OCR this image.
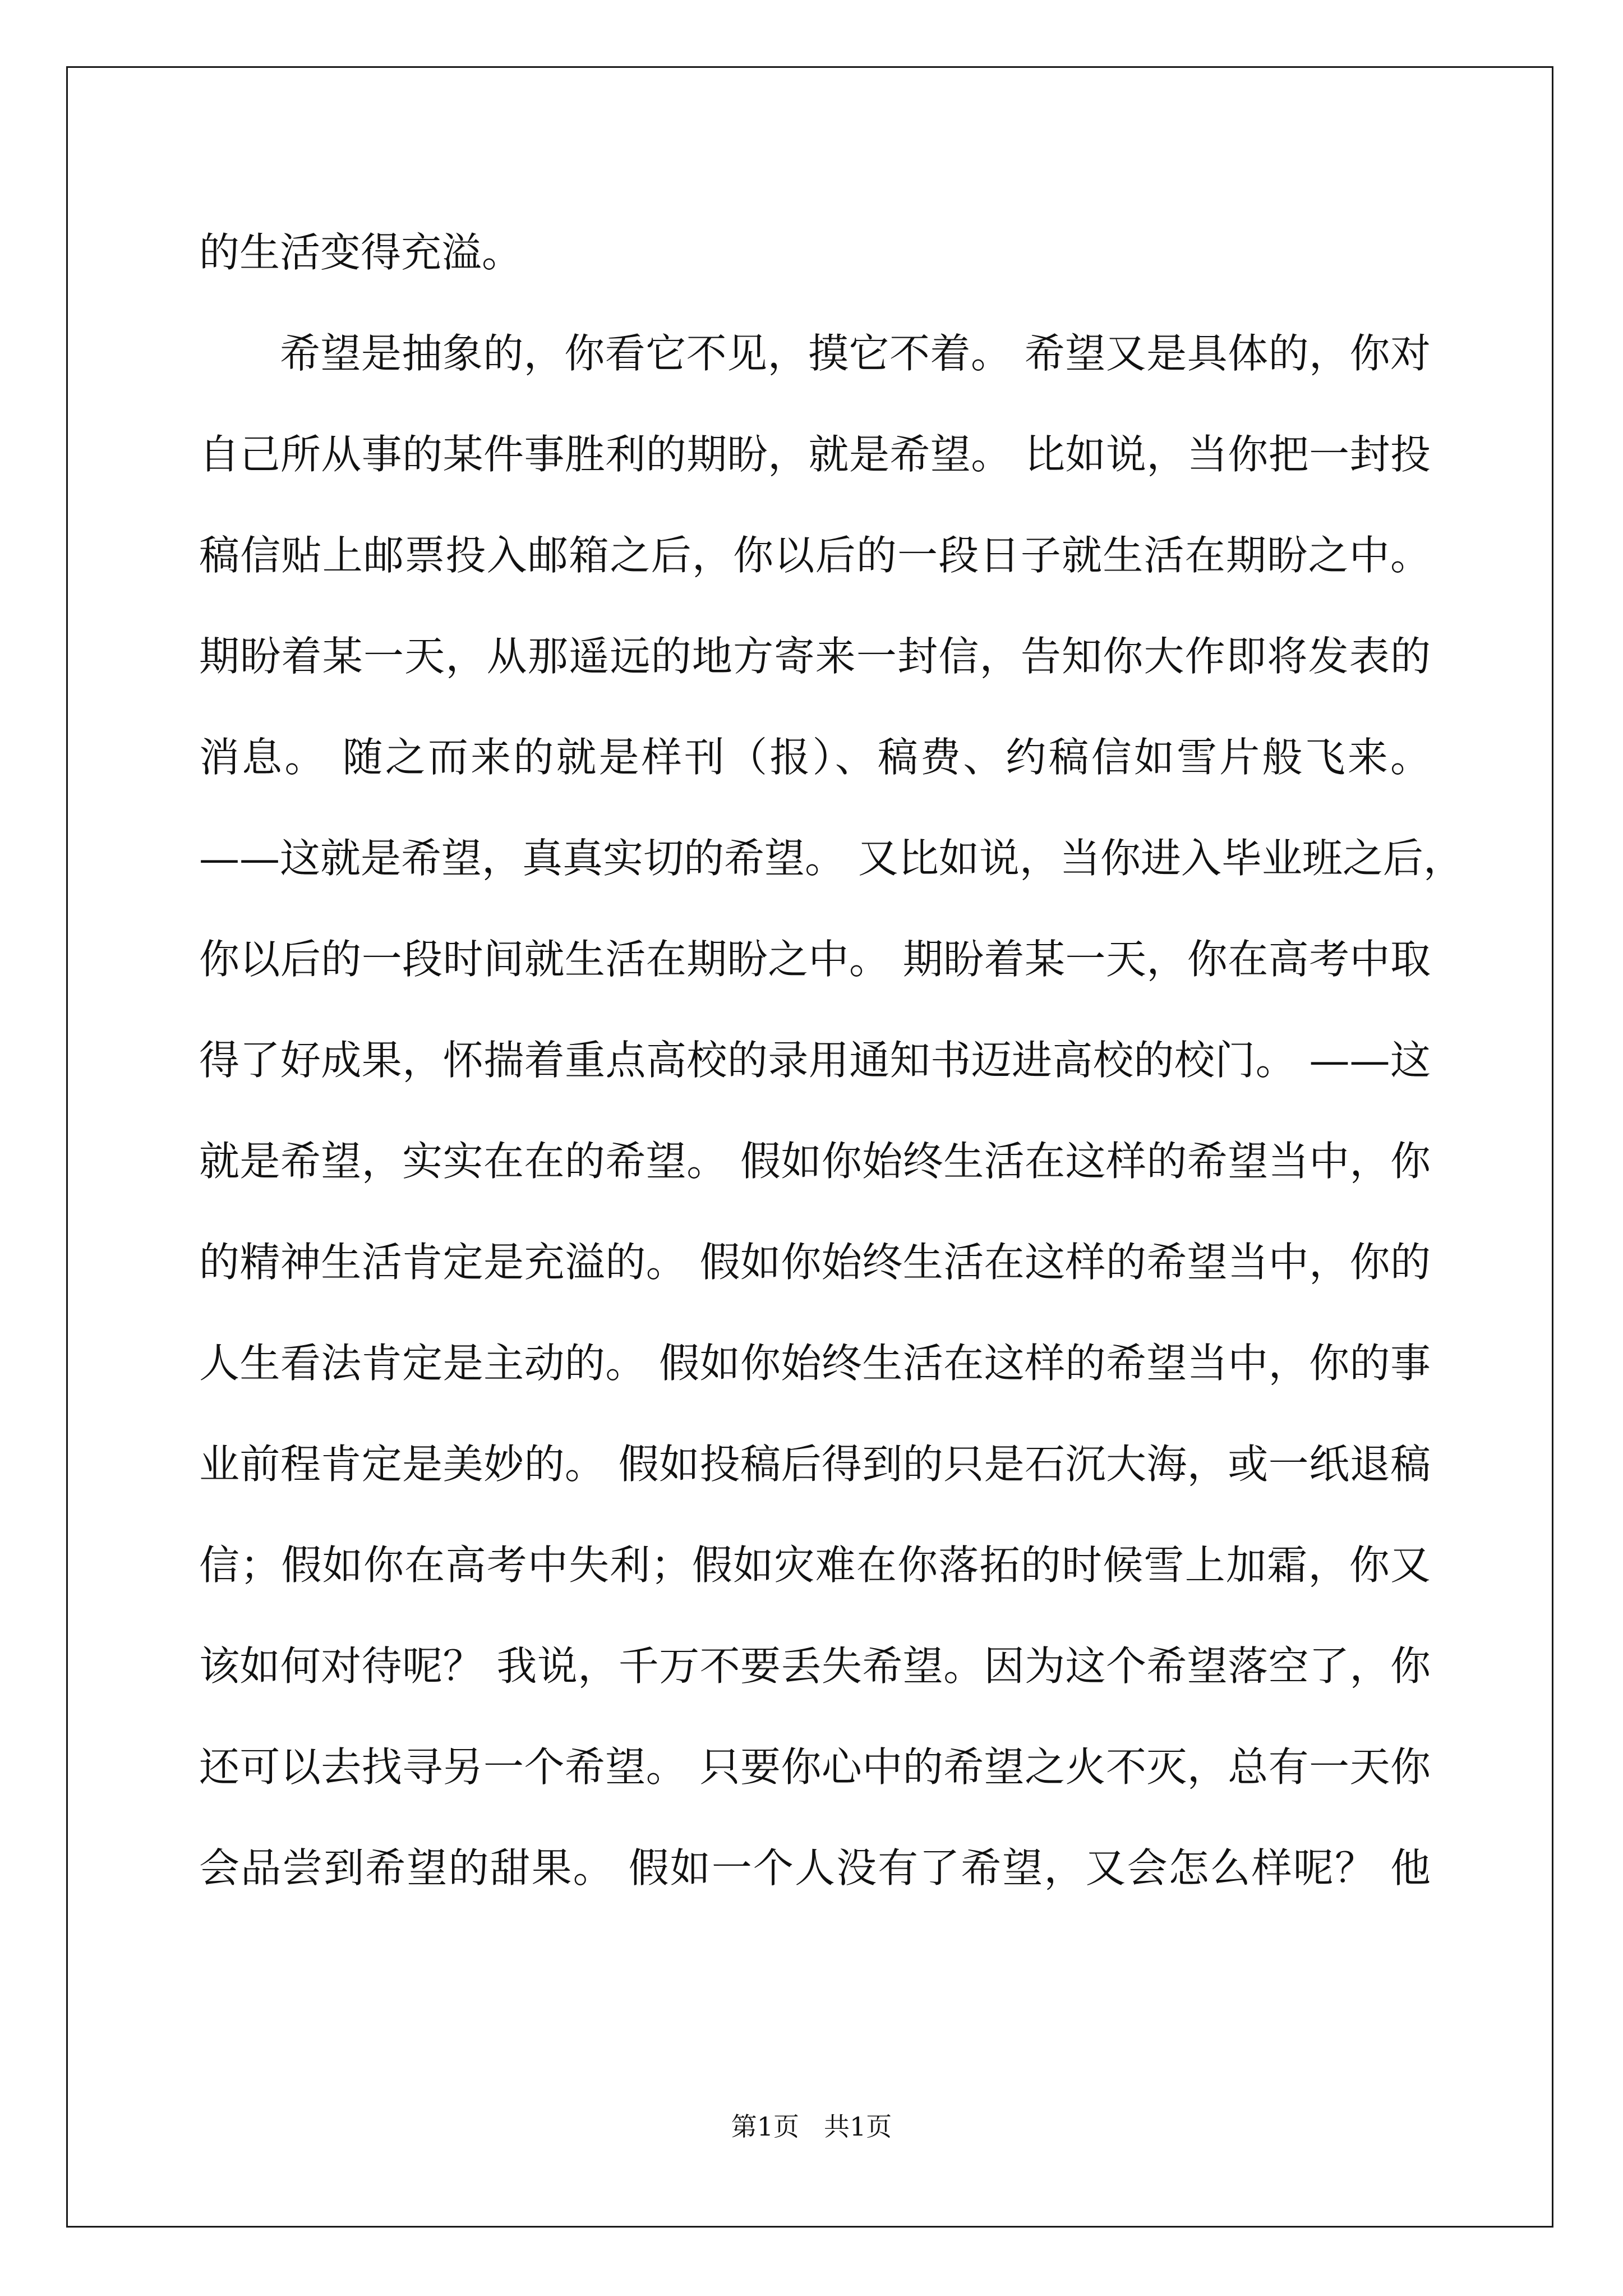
的生活变得充溢。
希望是抽象的，你看它不见，摸它不着。 希望又是具体的，你对
自己所从事的某件事胜利的期盼，就是希望。 比如说，当你把一封投
稿信贴上邮票投入邮箱之后，你以后的一段日子就生活在期盼之中。
期盼着某一天，从那遥远的地方寄来一封信，告知你大作即将发表的
消息。 随之而来的就是样刊（报）、稿费、约稿信如雪片般飞来。
——这就是希望，真真实切的希望。 又比如说，当你进入毕业班之后，
你以后的一段时间就生活在期盼之中。 期盼着某一天，你在高考中取
得了好成果，怀揣着重点高校的录用通知书迈进高校的校门。 ——这
就是希望，实实在在的希望。 假如你始终生活在这样的希望当中，你
的精神生活肯定是充溢的。 假如你始终生活在这样的希望当中，你的
人生看法肯定是主动的。 假如你始终生活在这样的希望当中，你的事
业前程肯定是美妙的。 假如投稿后得到的只是石沉大海，或一纸退稿
信；假如你在高考中失利；假如灾难在你落拓的时候雪上加霜，你又
该如何对待呢？ 我说，千万不要丢失希望。因为这个希望落空了，你
还可以去找寻另一个希望。 只要你心中的希望之火不灭，总有一天你
会品尝到希望的甜果。 假如一个人没有了希望，又会怎么样呢？ 他
第1页 共1页
